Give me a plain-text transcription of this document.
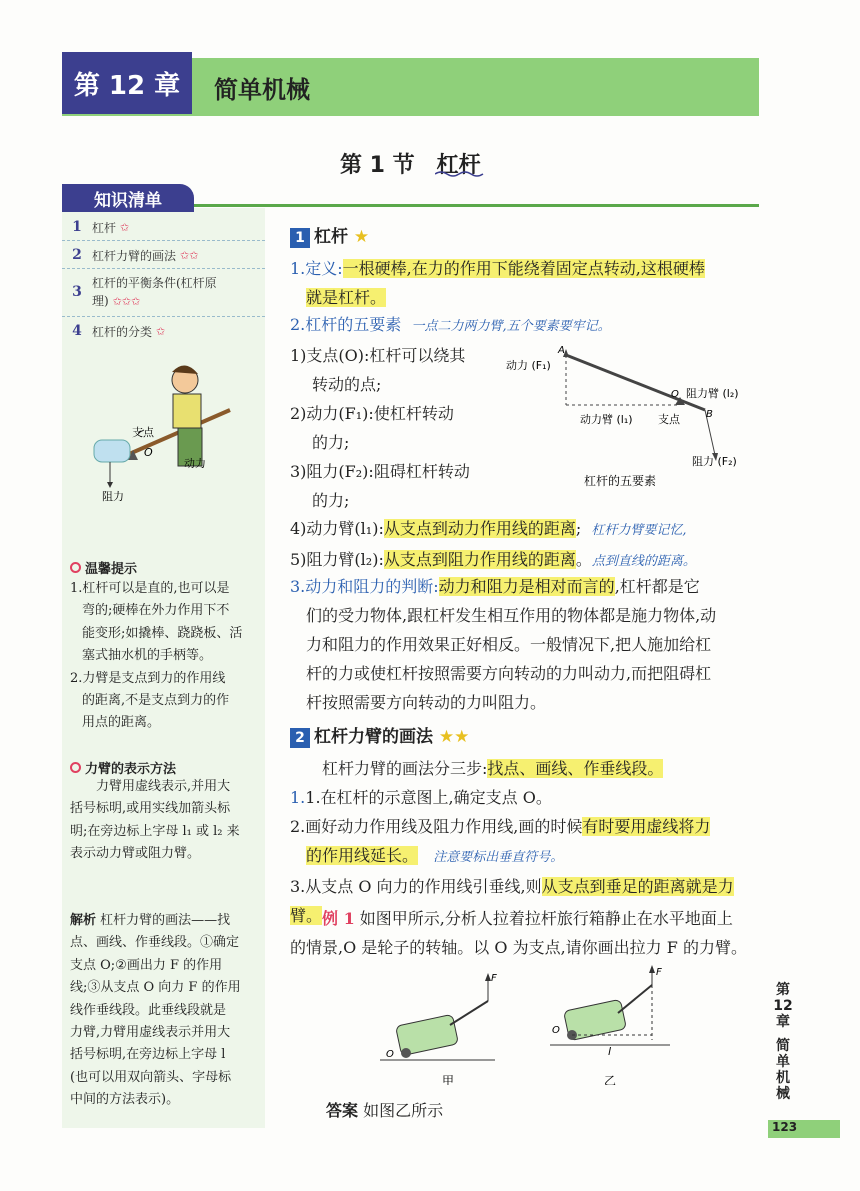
第 12 章	简单机械
第 1 节　杠杆
知识清单
1 杠杆 ✩
2 杠杆力臂的画法 ✩✩
3
杠杆的平衡条件(杠杆原理) ✩✩✩
4 杠杆的分类 ✩
支点
O
动力
阻力
温馨提示
1.杠杆可以是直的,也可以是
弯的;硬棒在外力作用下不
能变形;如撬棒、跷跷板、活
塞式抽水机的手柄等。
2.力臂是支点到力的作用线
的距离,不是支点到力的作
用点的距离。
力臂的表示方法
力臂用虚线表示,并用大
括号标明,或用实线加箭头标
明;在旁边标上字母 l₁ 或 l₂ 来
表示动力臂或阻力臂。
解析 杠杆力臂的画法——找
点、画线、作垂线段。①确定
支点 O;②画出力 F 的作用
线;③从支点 O 向力 F 的作用
线作垂线段。此垂线段就是
力臂,力臂用虚线表示并用大
括号标明,在旁边标上字母 l
(也可以用双向箭头、字母标
中间的方法表示)。
1 杠杆 ★
1.定义:一根硬棒,在力的作用下能绕着固定点转动,这根硬棒
就是杠杆。
2.杠杆的五要素 一点二力两力臂,五个要素要牢记。
1)支点(O):杠杆可以绕其
转动的点;
2)动力(F₁):使杠杆转动
的力;
3)阻力(F₂):阻碍杠杆转动
的力;
A
动力 (F₁)
O 阻力臂 (l₂)
动力臂 (l₁) 支点	B
阻力 (F₂)
杠杆的五要素
4)动力臂(l₁):从支点到动力作用线的距离;  杠杆力臂要记忆,
5)阻力臂(l₂):从支点到阻力作用线的距离。点到直线的距离。
3.动力和阻力的判断:动力和阻力是相对而言的,杠杆都是它
们的受力物体,跟杠杆发生相互作用的物体都是施力物体,动
力和阻力的作用效果正好相反。一般情况下,把人施加给杠
杆的力或使杠杆按照需要方向转动的力叫动力,而把阻碍杠
杆按照需要方向转动的力叫阻力。
2 杠杆力臂的画法 ★★
杠杆力臂的画法分三步:找点、画线、作垂线段。
1.1.在杠杆的示意图上,确定支点 O。
2.画好动力作用线及阻力作用线,画的时候有时要用虚线将力
的作用线延长。 注意要标出垂直符号。
3.从支点 O 向力的作用线引垂线,则从支点到垂足的距离就是力臂。 例 1 如图甲所示,分析人拉着拉杆旅行箱静止在水平地面上
的情景,O 是轮子的转轴。以 O 为支点,请你画出拉力 F 的力臂。
F
O
甲
F
O
l
乙
答案 如图乙所示
第
12
章
简
单
机
械
123
